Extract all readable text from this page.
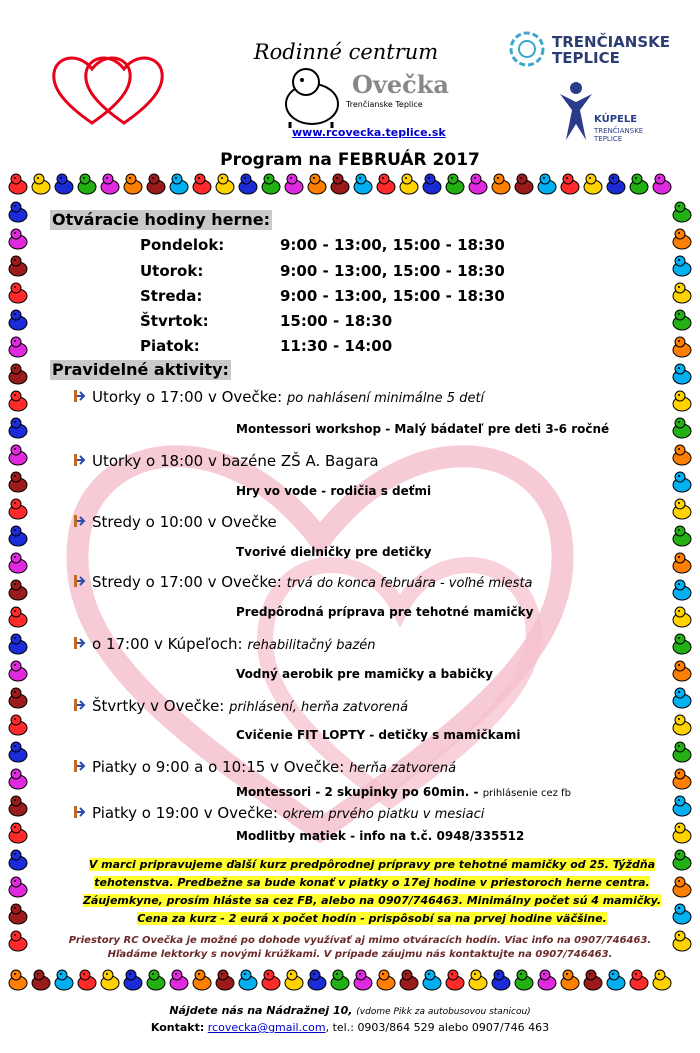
Rodinné centrum
Ovečka
Trenčianske Teplice
www.rcovecka.teplice.sk
TRENČIANSKE
TEPLICE
KÚPELE
TRENČIANSKE
TEPLICE
Program na FEBRUÁR 2017
Otváracie hodiny herne:
Pondelok:	9:00 - 13:00, 15:00 - 18:30
Utorok:	9:00 - 13:00, 15:00 - 18:30
Streda:	9:00 - 13:00, 15:00 - 18:30
Štvrtok:	15:00 - 18:30
Piatok:	11:30 - 14:00
Pravidelné aktivity:
Utorky o 17:00 v Ovečke: po nahlásení minimálne 5 detí
Montessori workshop - Malý bádateľ pre deti 3-6 ročné
Utorky o 18:00 v bazéne ZŠ A. Bagara
Hry vo vode - rodičia s deťmi
Stredy o 10:00 v Ovečke
Tvorivé dielničky pre detičky
Stredy o 17:00 v Ovečke: trvá do konca februára - voľné miesta
Predpôrodná príprava pre tehotné mamičky
o 17:00 v Kúpeľoch: rehabilitačný bazén
Vodný aerobik pre mamičky a babičky
Štvrtky v Ovečke: prihlásení, herňa zatvorená
Cvičenie FIT LOPTY - detičky s mamičkami
Piatky o 9:00 a o 10:15 v Ovečke: herňa zatvorená
Montessori - 2 skupinky po 60min. - prihlásenie cez fb
Piatky o 19:00 v Ovečke: okrem prvého piatku v mesiaci
Modlitby matiek - info na t.č. 0948/335512
V marci pripravujeme ďalší kurz predpôrodnej prípravy pre tehotné mamičky od 25. Týždňa
tehotenstva. Predbežne sa bude konať v piatky o 17ej hodine v priestoroch herne centra.
Záujemkyne, prosím hláste sa cez FB, alebo na 0907/746463. Minimálny počet sú 4 mamičky.
Cena za kurz - 2 eurá x počet hodín - prispôsobí sa na prvej hodine väčšine.
Priestory RC Ovečka je možné po dohode využívať aj mimo otváracích hodín. Viac info na 0907/746463.
Hľadáme lektorky s novými krúžkami. V prípade záujmu nás kontaktujte na 0907/746463.
Nájdete nás na Nádražnej 10, (vdome Pikk za autobusovou stanicou)
Kontakt: rcovecka@gmail.com, tel.: 0903/864 529 alebo 0907/746 463
